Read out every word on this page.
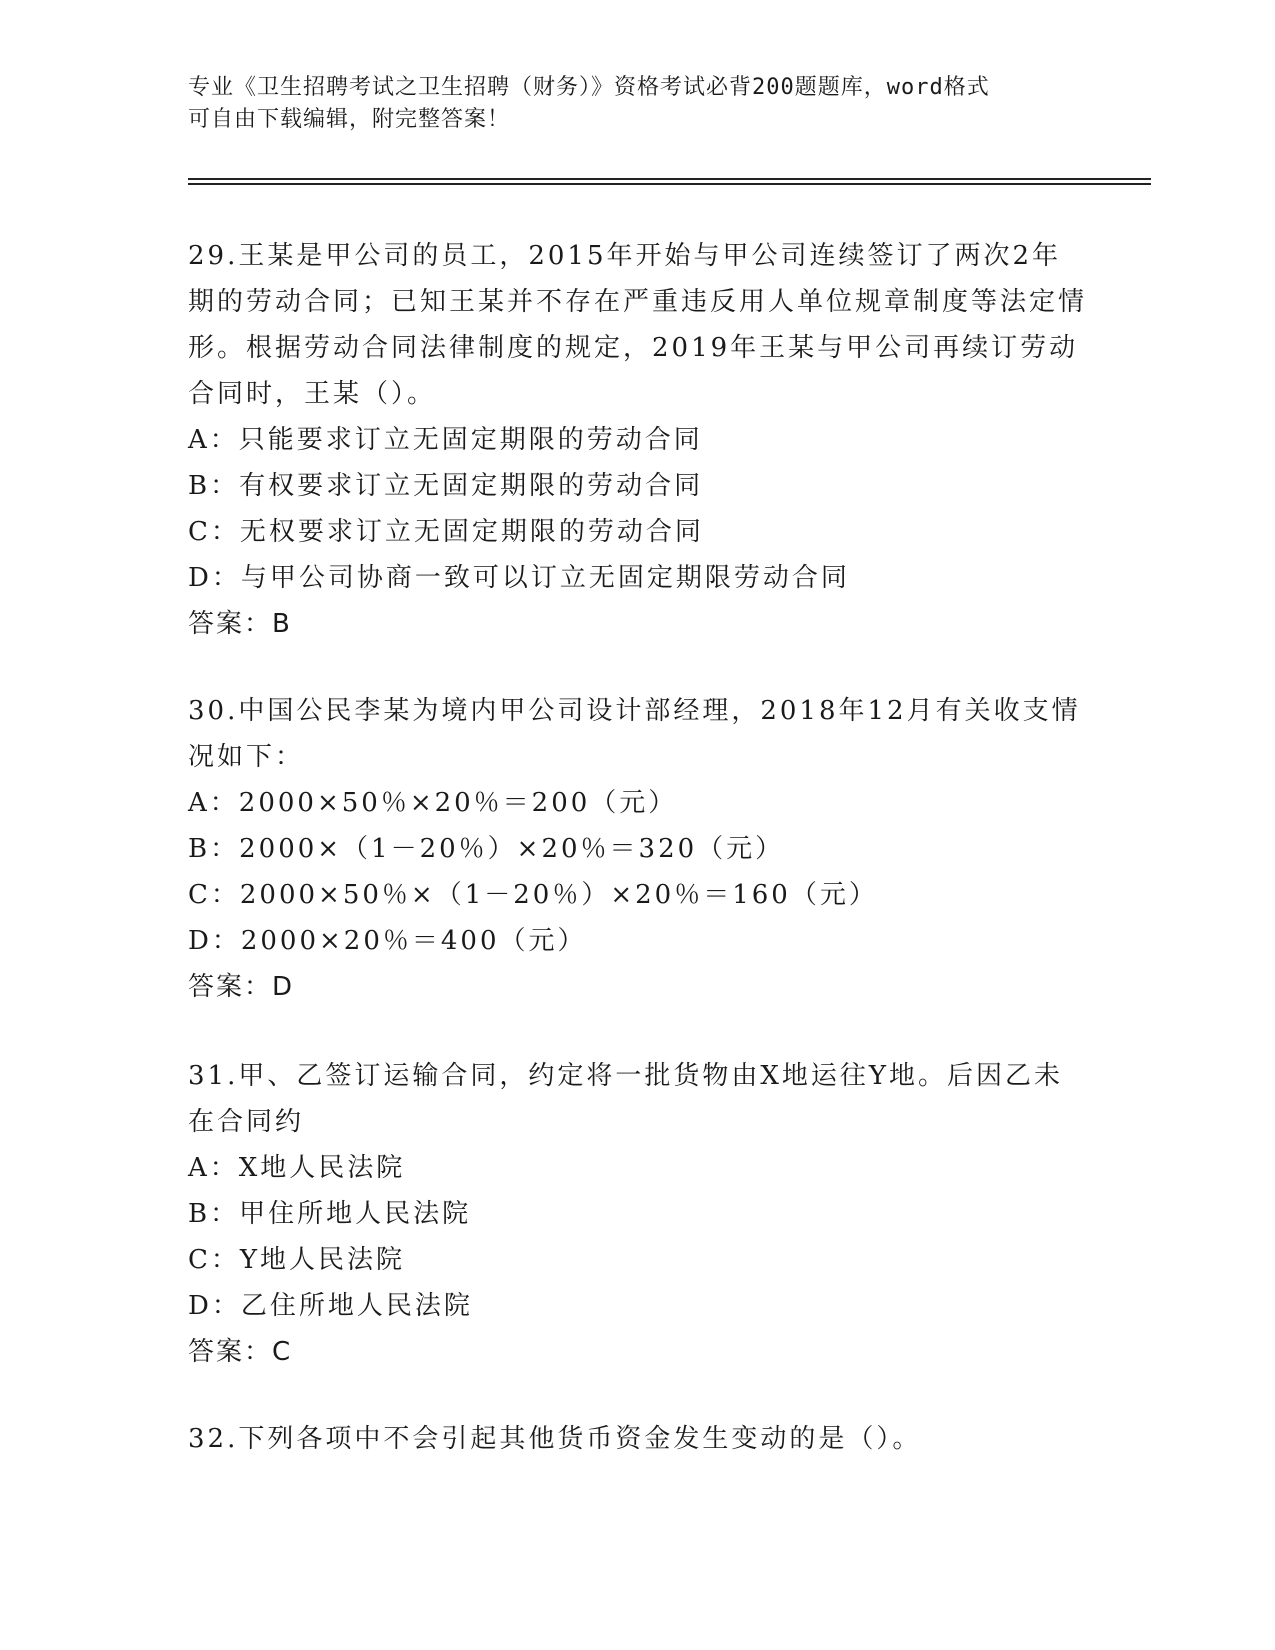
专业《卫生招聘考试之卫生招聘（财务）》资格考试必背200题题库，word格式
可自由下载编辑，附完整答案！

29.王某是甲公司的员工，2015年开始与甲公司连续签订了两次2年期的劳动合同；已知王某并不存在严重违反用人单位规章制度等法定情形。根据劳动合同法律制度的规定，2019年王某与甲公司再续订劳动合同时，王某（）。

A：只能要求订立无固定期限的劳动合同

B：有权要求订立无固定期限的劳动合同

C：无权要求订立无固定期限的劳动合同

D：与甲公司协商一致可以订立无固定期限劳动合同

答案：B

30.中国公民李某为境内甲公司设计部经理，2018年12月有关收支情况如下：

A：2000×50％×20％＝200（元）

B：2000×（1－20％）×20％＝320（元）

C：2000×50％×（1－20％）×20％＝160（元）

D：2000×20％＝400（元）

答案：D

31.甲、乙签订运输合同，约定将一批货物由X地运往Y地。后因乙未在合同约

A：X地人民法院

B：甲住所地人民法院

C：Y地人民法院

D：乙住所地人民法院

答案：C

32.下列各项中不会引起其他货币资金发生变动的是（）。
